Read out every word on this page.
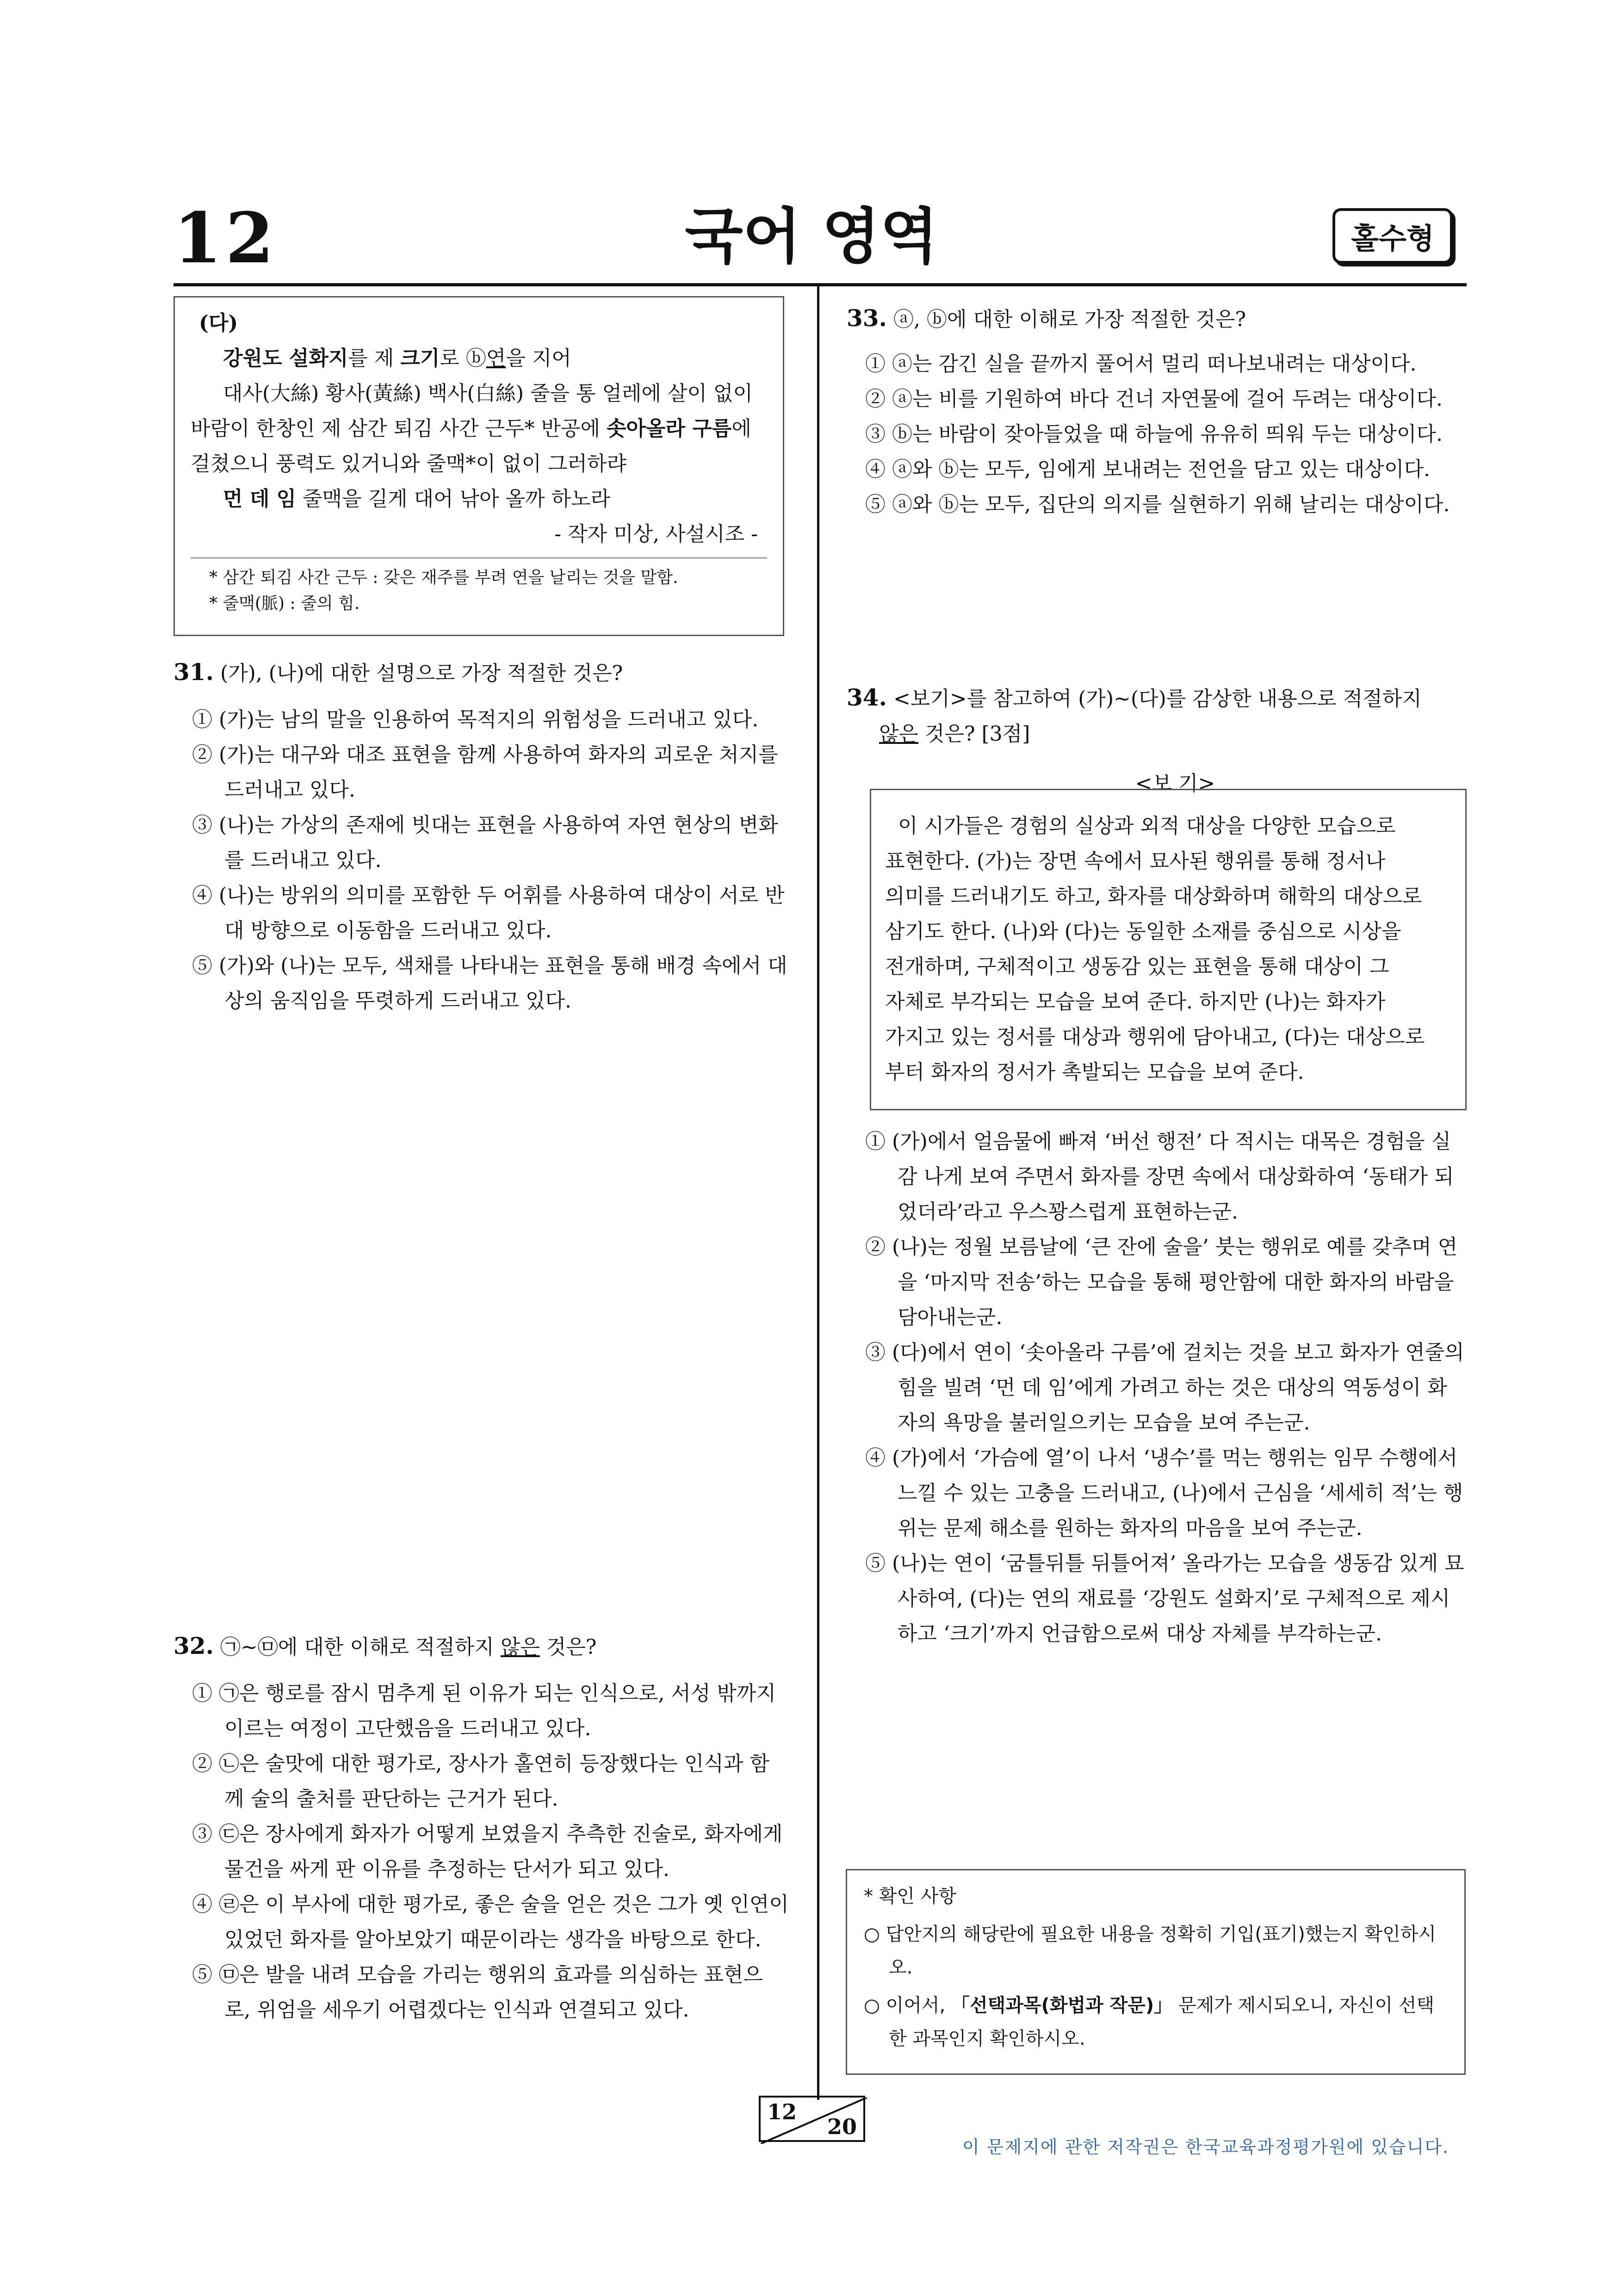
12	국어 영역	홀수형
(다)
강원도 설화지를 제 크기로 ⓑ연을 지어
대사(大絲) 황사(黃絲) 백사(白絲) 줄을 통 얼레에 살이 없이
바람이 한창인 제 삼간 퇴김 사간 근두* 반공에 솟아올라 구름에
걸쳤으니 풍력도 있거니와 줄맥*이 없이 그러하랴
먼 데 임 줄맥을 길게 대어 낚아 올까 하노라
- 작자 미상, 사설시조 -
* 삼간 퇴김 사간 근두 : 갖은 재주를 부려 연을 날리는 것을 말함.
* 줄맥(脈) : 줄의 힘.

31. (가), (나)에 대한 설명으로 가장 적절한 것은?

① (가)는 남의 말을 인용하여 목적지의 위험성을 드러내고 있다.

② (가)는 대구와 대조 표현을 함께 사용하여 화자의 괴로운 처지를 드러내고 있다.

③ (나)는 가상의 존재에 빗대는 표현을 사용하여 자연 현상의 변화를 드러내고 있다.

④ (나)는 방위의 의미를 포함한 두 어휘를 사용하여 대상이 서로 반대 방향으로 이동함을 드러내고 있다.

⑤ (가)와 (나)는 모두, 색채를 나타내는 표현을 통해 배경 속에서 대상의 움직임을 뚜렷하게 드러내고 있다.

32. ㉠~㉤에 대한 이해로 적절하지 않은 것은?

① ㉠은 행로를 잠시 멈추게 된 이유가 되는 인식으로, 서성 밖까지 이르는 여정이 고단했음을 드러내고 있다.

② ㉡은 술맛에 대한 평가로, 장사가 홀연히 등장했다는 인식과 함께 술의 출처를 판단하는 근거가 된다.

③ ㉢은 장사에게 화자가 어떻게 보였을지 추측한 진술로, 화자에게 물건을 싸게 판 이유를 추정하는 단서가 되고 있다.

④ ㉣은 이 부사에 대한 평가로, 좋은 술을 얻은 것은 그가 옛 인연이 있었던 화자를 알아보았기 때문이라는 생각을 바탕으로 한다.

⑤ ㉤은 발을 내려 모습을 가리는 행위의 효과를 의심하는 표현으로, 위엄을 세우기 어렵겠다는 인식과 연결되고 있다.

33. ⓐ, ⓑ에 대한 이해로 가장 적절한 것은?

① ⓐ는 감긴 실을 끝까지 풀어서 멀리 떠나보내려는 대상이다.

② ⓐ는 비를 기원하여 바다 건너 자연물에 걸어 두려는 대상이다.

③ ⓑ는 바람이 잦아들었을 때 하늘에 유유히 띄워 두는 대상이다.

④ ⓐ와 ⓑ는 모두, 임에게 보내려는 전언을 담고 있는 대상이다.

⑤ ⓐ와 ⓑ는 모두, 집단의 의지를 실현하기 위해 날리는 대상이다.

34. <보기>를 참고하여 (가)~(다)를 감상한 내용으로 적절하지

않은 것은? [3점]

<보 기>
이 시가들은 경험의 실상과 외적 대상을 다양한 모습으로
표현한다. (가)는 장면 속에서 묘사된 행위를 통해 정서나
의미를 드러내기도 하고, 화자를 대상화하며 해학의 대상으로
삼기도 한다. (나)와 (다)는 동일한 소재를 중심으로 시상을
전개하며, 구체적이고 생동감 있는 표현을 통해 대상이 그
자체로 부각되는 모습을 보여 준다. 하지만 (나)는 화자가
가지고 있는 정서를 대상과 행위에 담아내고, (다)는 대상으로
부터 화자의 정서가 촉발되는 모습을 보여 준다.

① (가)에서 얼음물에 빠져 ‘버선 행전’ 다 적시는 대목은 경험을 실감 나게 보여 주면서 화자를 장면 속에서 대상화하여 ‘동태가 되었더라’라고 우스꽝스럽게 표현하는군.

② (나)는 정월 보름날에 ‘큰 잔에 술을’ 붓는 행위로 예를 갖추며 연을 ‘마지막 전송’하는 모습을 통해 평안함에 대한 화자의 바람을 담아내는군.

③ (다)에서 연이 ‘솟아올라 구름’에 걸치는 것을 보고 화자가 연줄의 힘을 빌려 ‘먼 데 임’에게 가려고 하는 것은 대상의 역동성이 화자의 욕망을 불러일으키는 모습을 보여 주는군.

④ (가)에서 ‘가슴에 열’이 나서 ‘냉수’를 먹는 행위는 임무 수행에서 느낄 수 있는 고충을 드러내고, (나)에서 근심을 ‘세세히 적’는 행위는 문제 해소를 원하는 화자의 마음을 보여 주는군.

⑤ (나)는 연이 ‘굼틀뒤틀 뒤틀어져’ 올라가는 모습을 생동감 있게 묘사하여, (다)는 연의 재료를 ‘강원도 설화지’로 구체적으로 제시하고 ‘크기’까지 언급함으로써 대상 자체를 부각하는군.

* 확인 사항
○ 답안지의 해당란에 필요한 내용을 정확히 기입(표기)했는지 확인하시오.
○ 이어서, 「선택과목(화법과 작문)」 문제가 제시되오니, 자신이 선택한 과목인지 확인하시오.
12
20
이 문제지에 관한 저작권은 한국교육과정평가원에 있습니다.
